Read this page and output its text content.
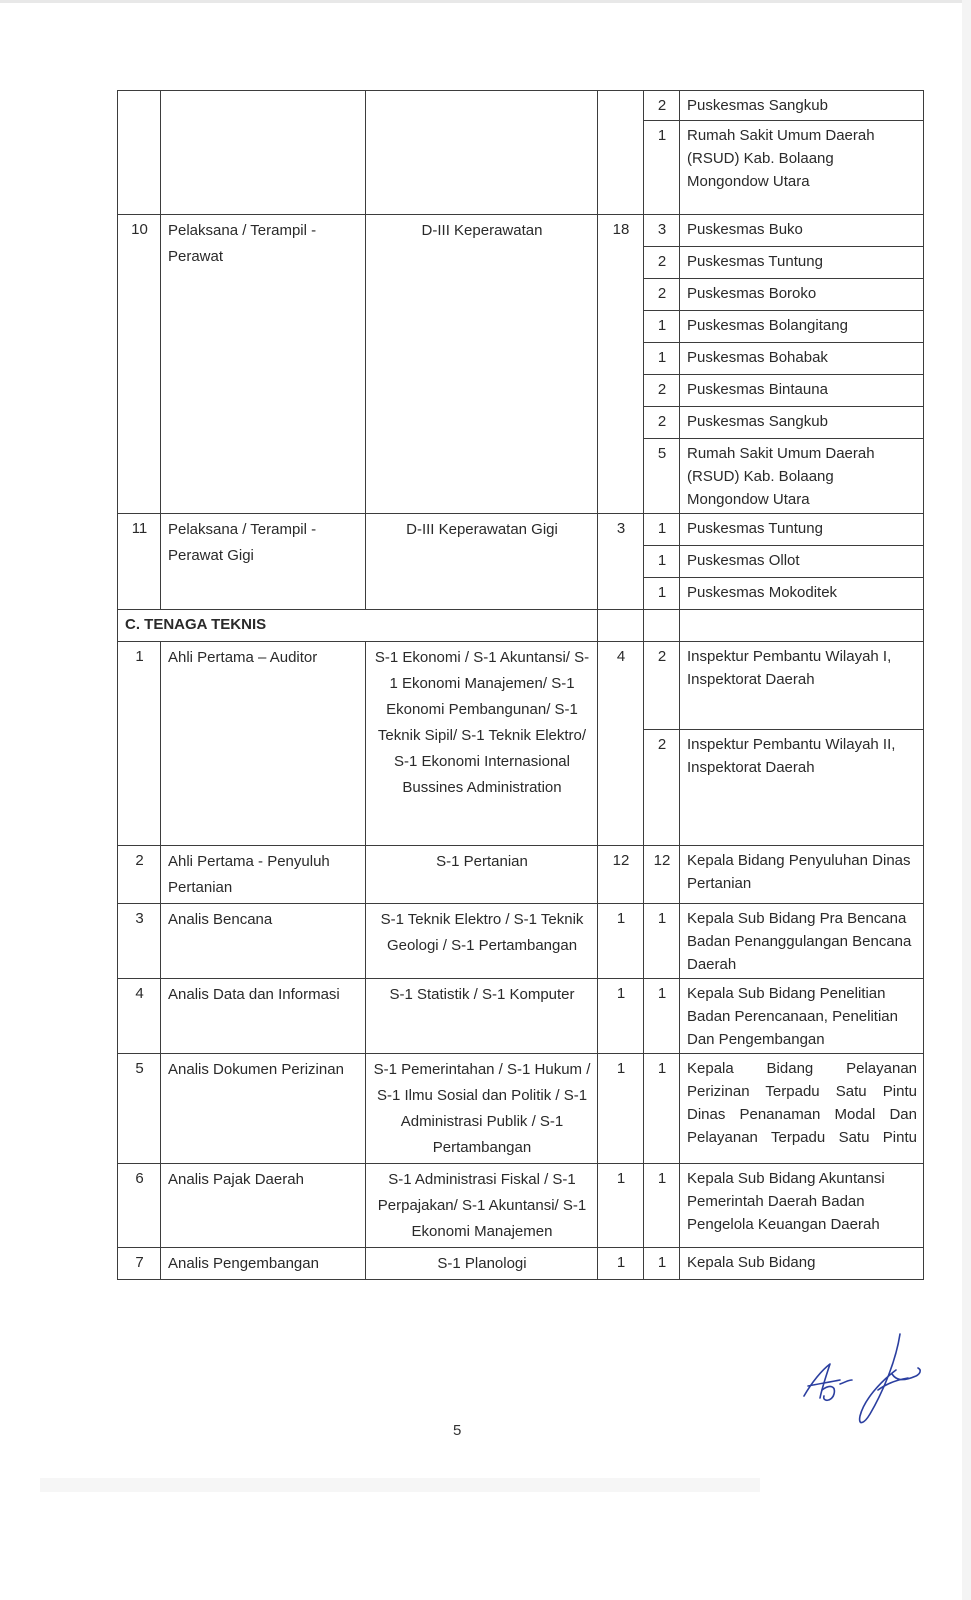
				2	Puskesmas Sangkub
				1	Rumah Sakit Umum Daerah (RSUD) Kab. Bolaang Mongondow Utara
10	Pelaksana / Terampil - Perawat	D-III Keperawatan	18	3	Puskesmas Buko
				2	Puskesmas Tuntung
				2	Puskesmas Boroko
				1	Puskesmas Bolangitang
				1	Puskesmas Bohabak
				2	Puskesmas Bintauna
				2	Puskesmas Sangkub
				5	Rumah Sakit Umum Daerah (RSUD) Kab. Bolaang Mongondow Utara
11	Pelaksana / Terampil - Perawat Gigi	D-III Keperawatan Gigi	3	1	Puskesmas Tuntung
				1	Puskesmas Ollot
				1	Puskesmas Mokoditek
C. TENAGA TEKNIS					
1	Ahli Pertama – Auditor	S-1 Ekonomi / S-1 Akuntansi/ S-1 Ekonomi Manajemen/ S-1 Ekonomi Pembangunan/ S-1 Teknik Sipil/ S-1 Teknik Elektro/ S-1 Ekonomi Internasional Bussines Administration	4	2	Inspektur Pembantu Wilayah I, Inspektorat Daerah
				2	Inspektur Pembantu Wilayah II, Inspektorat Daerah
2	Ahli Pertama - Penyuluh Pertanian	S-1 Pertanian	12	12	Kepala Bidang Penyuluhan Dinas Pertanian
3	Analis Bencana	S-1 Teknik Elektro / S-1 Teknik Geologi / S-1 Pertambangan	1	1	Kepala Sub Bidang Pra Bencana Badan Penanggulangan Bencana Daerah
4	Analis Data dan Informasi	S-1 Statistik / S-1 Komputer	1	1	Kepala Sub Bidang Penelitian Badan Perencanaan, Penelitian Dan Pengembangan
5	Analis Dokumen Perizinan	S-1 Pemerintahan / S-1 Hukum / S-1 Ilmu Sosial dan Politik / S-1 Administrasi Publik / S-1 Pertambangan	1	1	Kepala Bidang Pelayanan Perizinan Terpadu Satu Pintu Dinas Penanaman Modal Dan Pelayanan Terpadu Satu Pintu
6	Analis Pajak Daerah	S-1 Administrasi Fiskal / S-1 Perpajakan/ S-1 Akuntansi/ S-1 Ekonomi Manajemen	1	1	Kepala Sub Bidang Akuntansi Pemerintah Daerah Badan Pengelola Keuangan Daerah
7	Analis Pengembangan	S-1 Planologi	1	1	Kepala Sub Bidang
5
